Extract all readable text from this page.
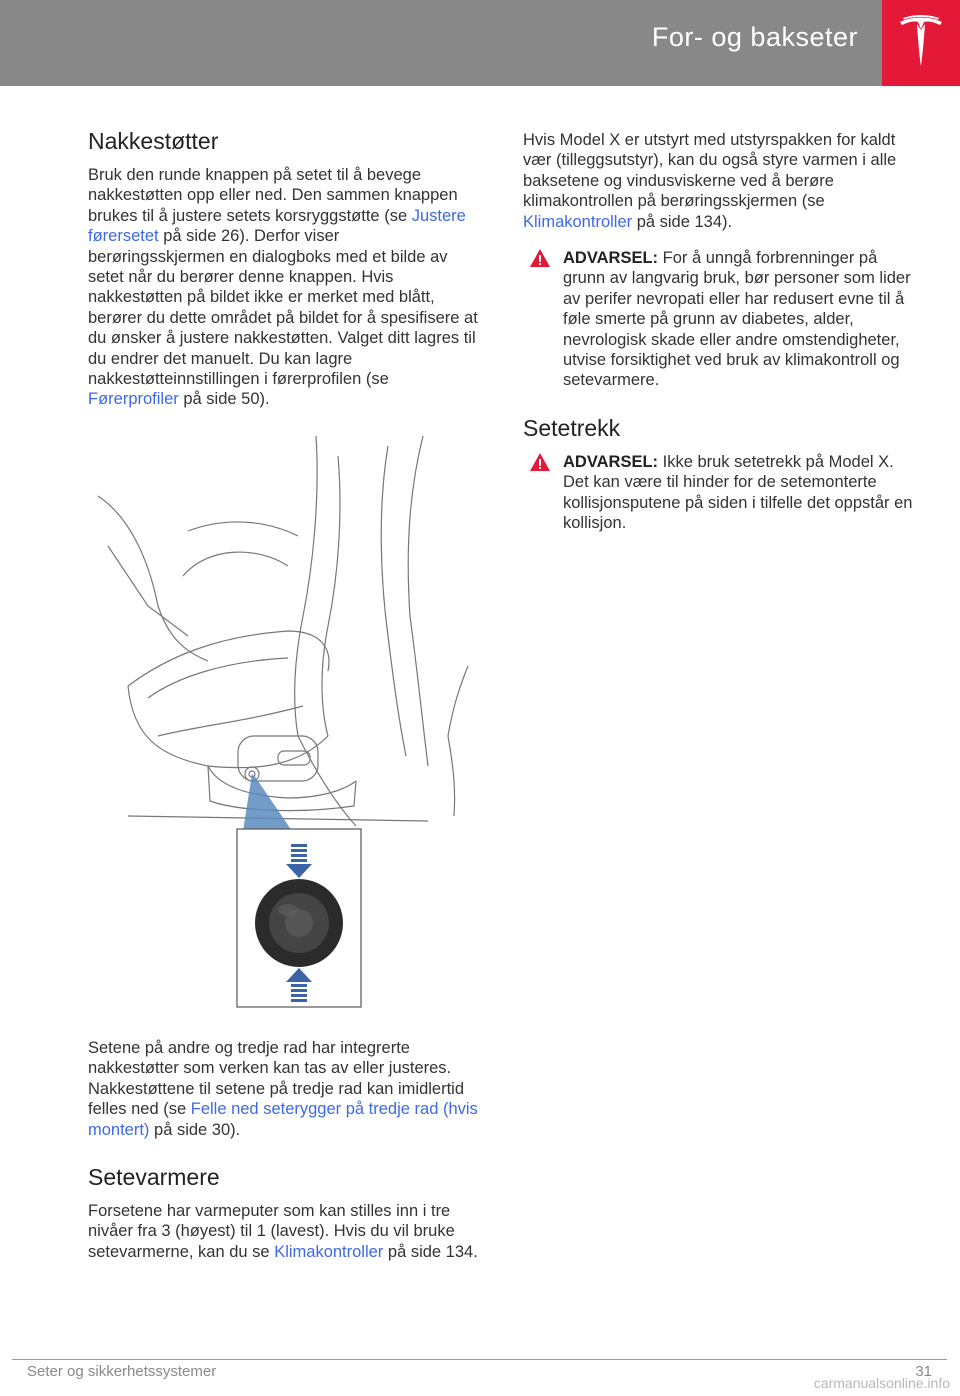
For- og bakseter
Nakkestøtter

Bruk den runde knappen på setet til å bevege nakkestøtten opp eller ned. Den sammen knappen brukes til å justere setets korsryggstøtte (se Justere førersetet på side 26). Derfor viser berøringsskjermen en dialogboks med et bilde av setet når du berører denne knappen. Hvis nakkestøtten på bildet ikke er merket med blått, berører du dette området på bildet for å spesifisere at du ønsker å justere nakkestøtten. Valget ditt lagres til du endrer det manuelt. Du kan lagre nakkestøtteinnstillingen i førerprofilen (se Førerprofiler på side 50).

Setene på andre og tredje rad har integrerte nakkestøtter som verken kan tas av eller justeres. Nakkestøttene til setene på tredje rad kan imidlertid felles ned (se Felle ned seterygger på tredje rad (hvis montert) på side 30).

Setevarmere

Forsetene har varmeputer som kan stilles inn i tre nivåer fra 3 (høyest) til 1 (lavest). Hvis du vil bruke setevarmerne, kan du se Klimakontroller på side 134.

Hvis Model X er utstyrt med utstyrspakken for kaldt vær (tilleggsutstyr), kan du også styre varmen i alle baksetene og vindusviskerne ved å berøre klimakontrollen på berøringsskjermen (se Klimakontroller på side 134).

ADVARSEL: For å unngå forbrenninger på grunn av langvarig bruk, bør personer som lider av perifer nevropati eller har redusert evne til å føle smerte på grunn av diabetes, alder, nevrologisk skade eller andre omstendigheter, utvise forsiktighet ved bruk av klimakontroll og setevarmere.

Setetrekk

ADVARSEL: Ikke bruk setetrekk på Model X. Det kan være til hinder for de setemonterte kollisjonsputene på siden i tilfelle det oppstår en kollisjon.

Seter og sikkerhetssystemer	31
carmanualsonline.info
